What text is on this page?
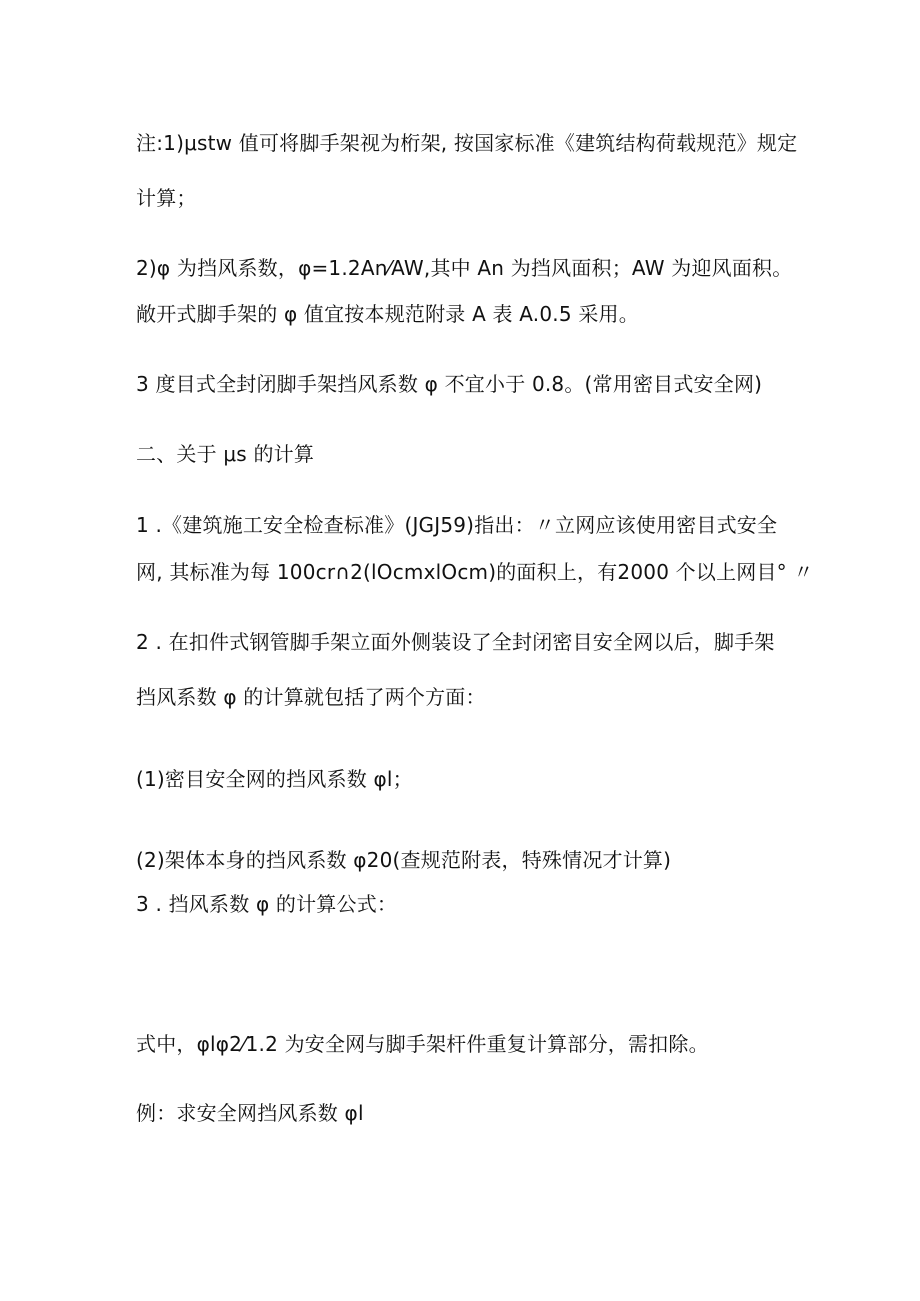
注:1)μstw 值可将脚手架视为桁架, 按国家标准《建筑结构荷载规范》规定
计算；
2)φ 为挡风系数，φ=1.2An⁄AW,其中 An 为挡风面积；AW 为迎风面积。
敞开式脚手架的 φ 值宜按本规范附录 A 表 A.0.5 采用。
3 度目式全封闭脚手架挡风系数 φ 不宜小于 0.8。(常用密目式安全网)
二、关于 μs 的计算
1 .《建筑施工安全检查标准》(JGJ59)指出：〃立网应该使用密目式安全
网, 其标准为每 100cr∩2(lOcmxlOcm)的面积上，有2000 个以上网目° 〃
2 . 在扣件式钢管脚手架立面外侧装设了全封闭密目安全网以后，脚手架
挡风系数 φ 的计算就包括了两个方面：
(1)密目安全网的挡风系数 φl；
(2)架体本身的挡风系数 φ20(查规范附表，特殊情况才计算)
3 . 挡风系数 φ 的计算公式：
式中，φlφ2⁄1.2 为安全网与脚手架杆件重复计算部分，需扣除。
例：求安全网挡风系数 φl
